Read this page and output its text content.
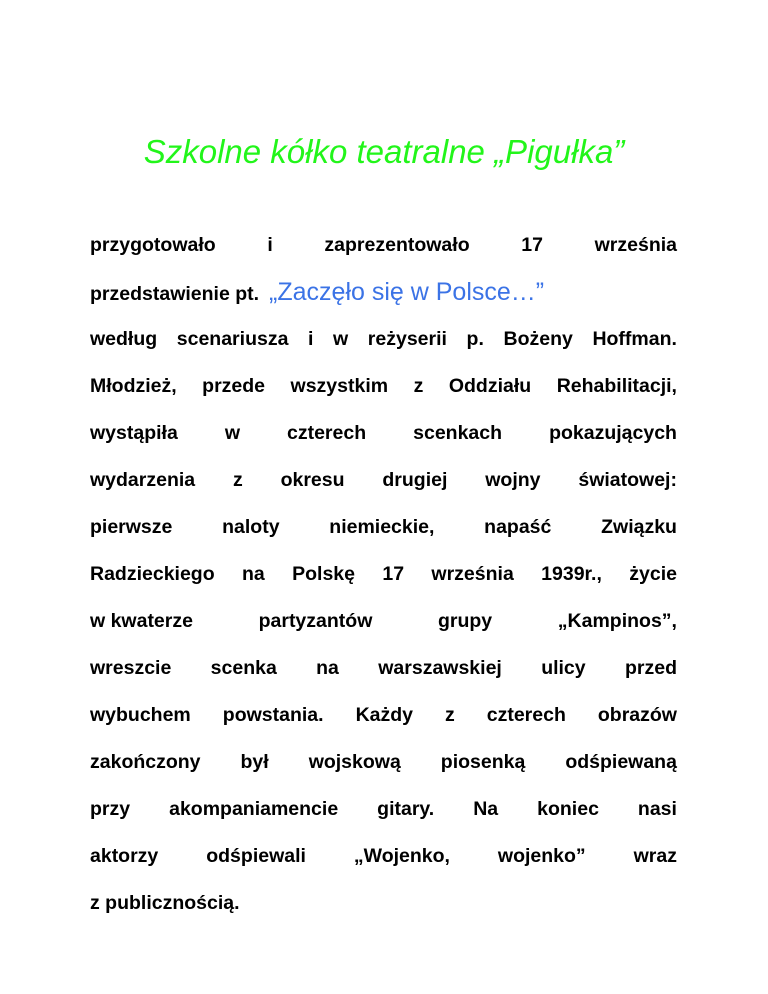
Szkolne kółko teatralne „Pigułka”
przygotowało	i	zaprezentowało	17	września
przedstawienie pt. „Zaczęło się w Polsce…”
według scenariusza i w reżyserii p. Bożeny Hoffman.
Młodzież, przede wszystkim z Oddziału Rehabilitacji,
wystąpiła w czterech scenkach pokazujących
wydarzenia z okresu drugiej wojny światowej:
pierwsze	naloty	niemieckie,	napaść	Związku
Radzieckiego na Polskę 17 września 1939r., życie
w kwaterze	partyzantów	grupy	„Kampinos”,
wreszcie scenka na warszawskiej ulicy przed
wybuchem powstania. Każdy z czterech obrazów
zakończony był wojskową piosenką odśpiewaną
przy akompaniamencie gitary. Na koniec nasi
aktorzy odśpiewali „Wojenko, wojenko” wraz
z publicznością.
